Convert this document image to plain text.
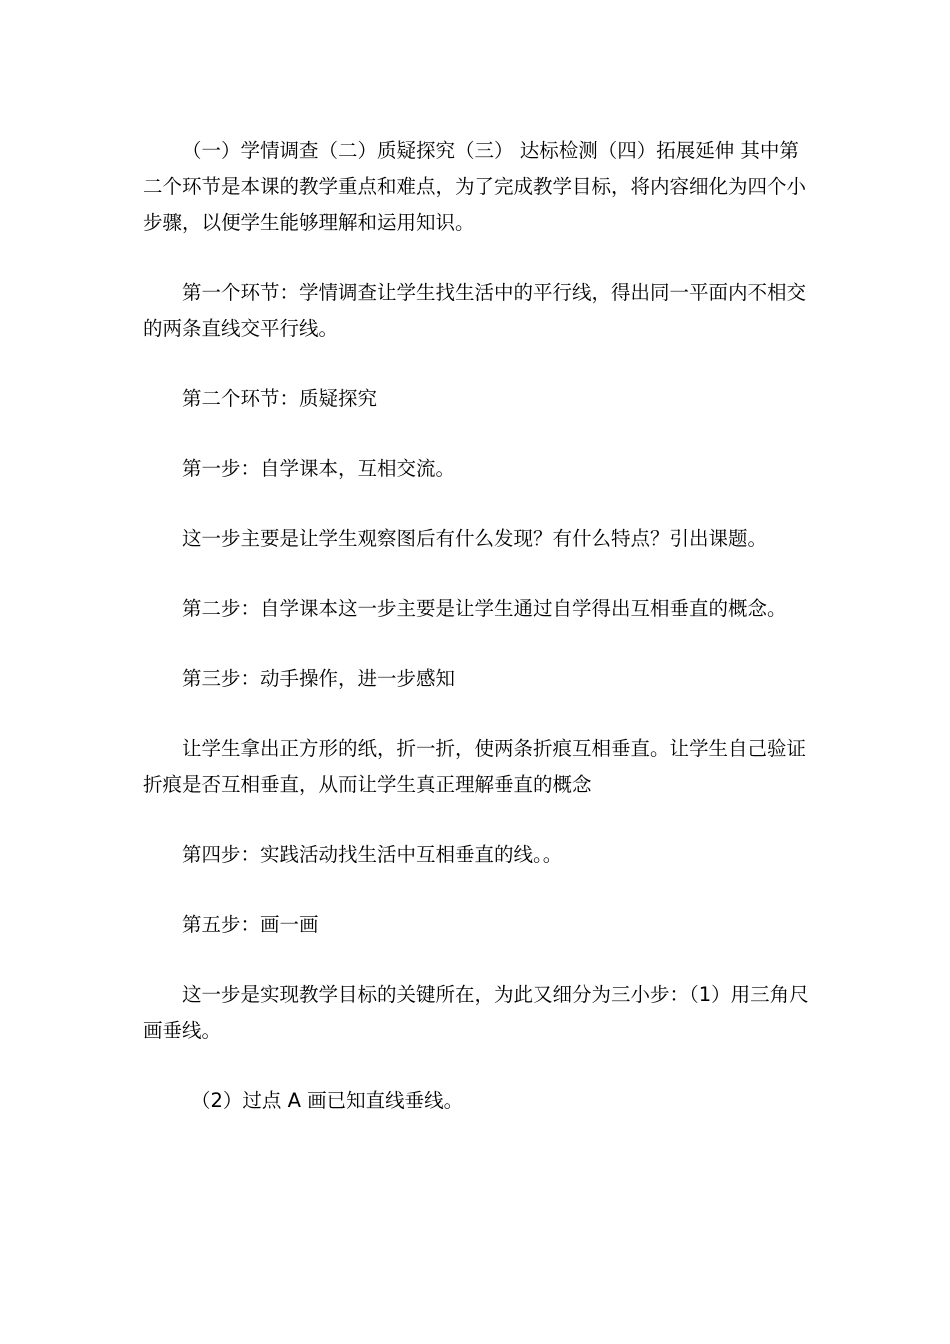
（一）学情调查（二）质疑探究（三） 达标检测（四）拓展延伸 其中第二个环节是本课的教学重点和难点，为了完成教学目标，将内容细化为四个小步骤，以便学生能够理解和运用知识。

第一个环节：学情调查让学生找生活中的平行线，得出同一平面内不相交的两条直线交平行线。

第二个环节：质疑探究

第一步：自学课本，互相交流。

这一步主要是让学生观察图后有什么发现？有什么特点？引出课题。

第二步：自学课本这一步主要是让学生通过自学得出互相垂直的概念。

第三步：动手操作，进一步感知

让学生拿出正方形的纸，折一折，使两条折痕互相垂直。让学生自己验证折痕是否互相垂直，从而让学生真正理解垂直的概念

第四步：实践活动找生活中互相垂直的线。。

第五步：画一画

这一步是实现教学目标的关键所在，为此又细分为三小步：（1）用三角尺画垂线。

（2）过点 A 画已知直线垂线。
